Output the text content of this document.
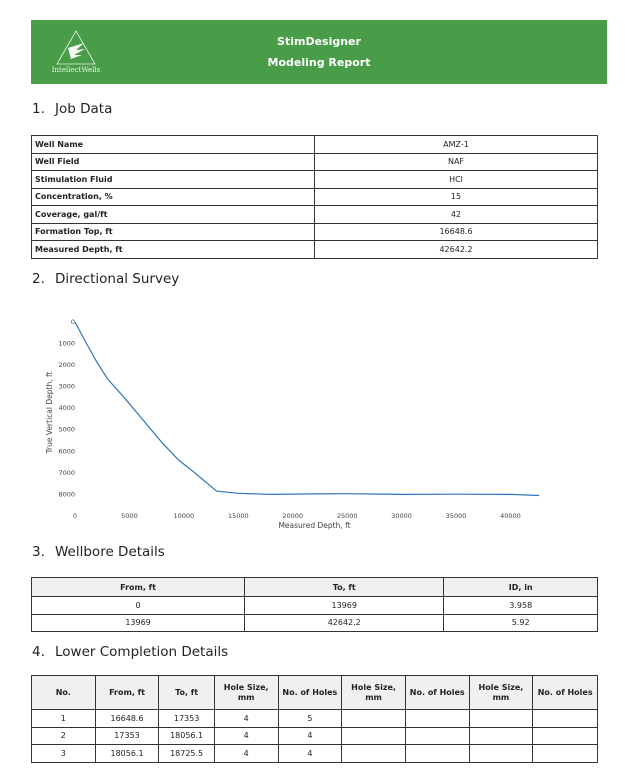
IntellectWells
StimDesigner
Modeling Report
1. Job Data
Well Name	AMZ-1
Well Field	NAF
Stimulation Fluid	HCl
Concentration, %	15
Coverage, gal/ft	42
Formation Top, ft	16648.6
Measured Depth, ft	42642.2
2. Directional Survey
0	5000	10000	15000	20000	25000	30000	35000	40000
0
1000
2000
3000
4000
5000
6000
7000
8000
Measured Depth, ft
True Vertical Depth, ft
3. Wellbore Details
From, ft	To, ft	ID, in
0	13969	3.958
13969	42642.2	5.92
4. Lower Completion Details
No.	From, ft	To, ft	Hole Size, mm	No. of Holes	Hole Size, mm	No. of Holes	Hole Size, mm	No. of Holes
1	16648.6	17353	4	5				
2	17353	18056.1	4	4				
3	18056.1	18725.5	4	4				
